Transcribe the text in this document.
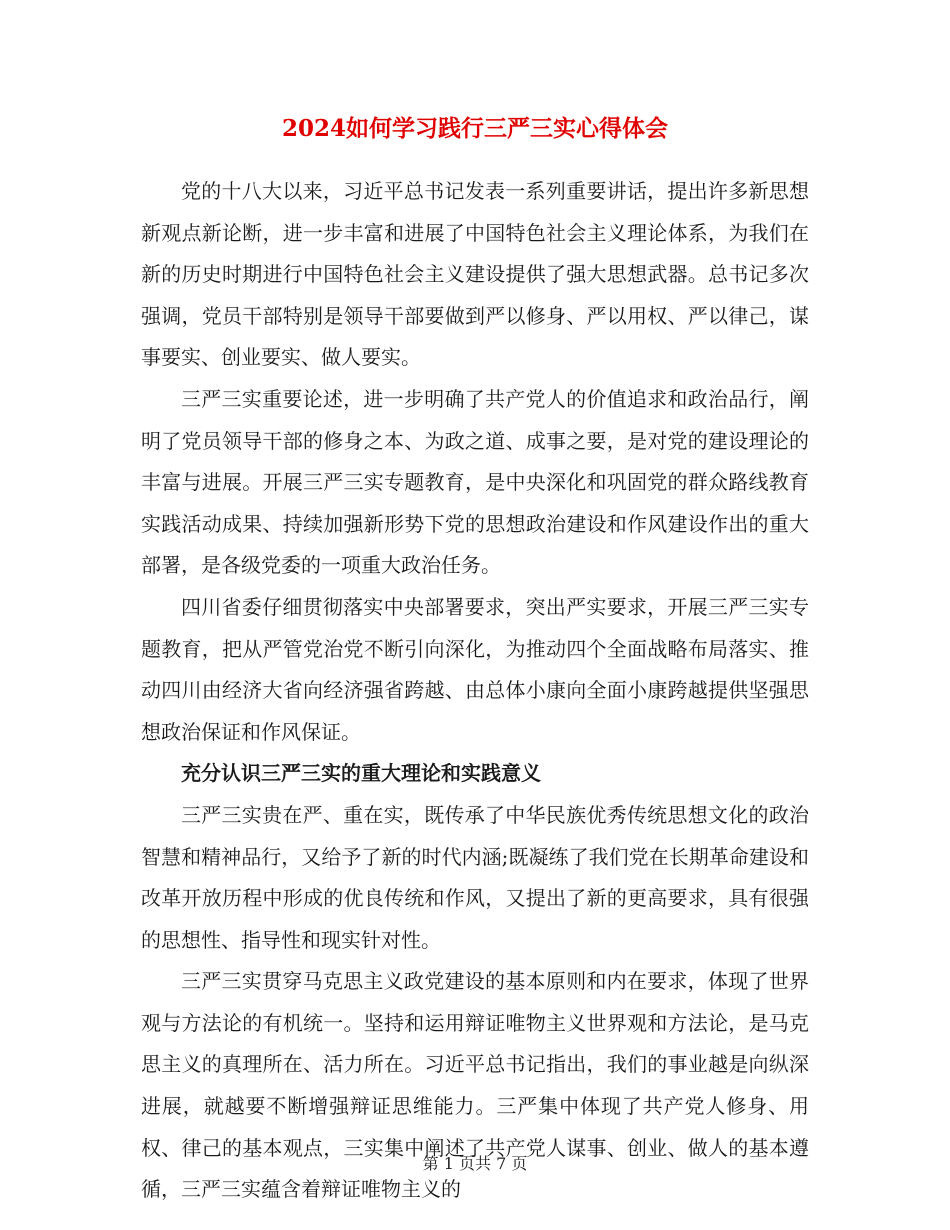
2024如何学习践行三严三实心得体会

党的十八大以来，习近平总书记发表一系列重要讲话，提出许多新思想新观点新论断，进一步丰富和进展了中国特色社会主义理论体系，为我们在新的历史时期进行中国特色社会主义建设提供了强大思想武器。总书记多次强调，党员干部特别是领导干部要做到严以修身、严以用权、严以律己，谋事要实、创业要实、做人要实。

三严三实重要论述，进一步明确了共产党人的价值追求和政治品行，阐明了党员领导干部的修身之本、为政之道、成事之要，是对党的建设理论的丰富与进展。开展三严三实专题教育，是中央深化和巩固党的群众路线教育实践活动成果、持续加强新形势下党的思想政治建设和作风建设作出的重大部署，是各级党委的一项重大政治任务。

四川省委仔细贯彻落实中央部署要求，突出严实要求，开展三严三实专题教育，把从严管党治党不断引向深化，为推动四个全面战略布局落实、推动四川由经济大省向经济强省跨越、由总体小康向全面小康跨越提供坚强思想政治保证和作风保证。

充分认识三严三实的重大理论和实践意义

三严三实贵在严、重在实，既传承了中华民族优秀传统思想文化的政治智慧和精神品行，又给予了新的时代内涵;既凝练了我们党在长期革命建设和改革开放历程中形成的优良传统和作风，又提出了新的更高要求，具有很强的思想性、指导性和现实针对性。

三严三实贯穿马克思主义政党建设的基本原则和内在要求，体现了世界观与方法论的有机统一。坚持和运用辩证唯物主义世界观和方法论，是马克思主义的真理所在、活力所在。习近平总书记指出，我们的事业越是向纵深进展，就越要不断增强辩证思维能力。三严集中体现了共产党人修身、用权、律己的基本观点，三实集中阐述了共产党人谋事、创业、做人的基本遵循，三严三实蕴含着辩证唯物主义的

第 1 页共 7 页
